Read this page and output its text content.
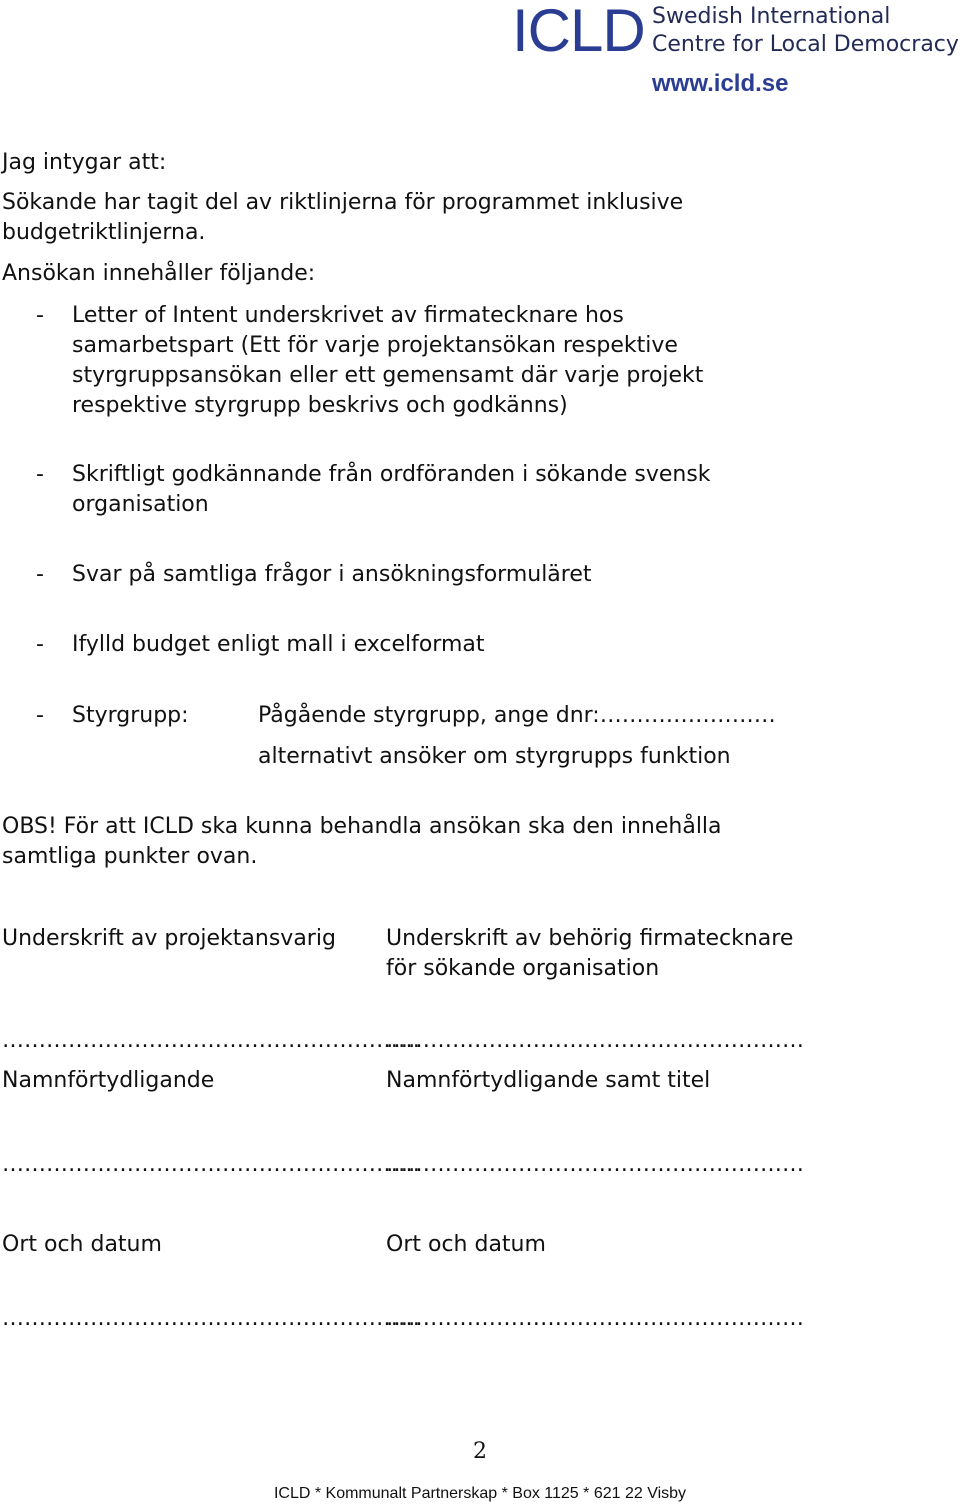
ICLD Swedish International
Centre for Local Democracy
www.icld.se
Jag intygar att:
Sökande har tagit del av riktlinjerna för programmet inklusive
budgetriktlinjerna.
Ansökan innehåller följande:
- Letter of Intent underskrivet av firmatecknare hos
samarbetspart (Ett för varje projektansökan respektive
styrgruppsansökan eller ett gemensamt där varje projekt
respektive styrgrupp beskrivs och godkänns)
- Skriftligt godkännande från ordföranden i sökande svensk
organisation
- Svar på samtliga frågor i ansökningsformuläret
- Ifylld budget enligt mall i excelformat
- Styrgrupp:	Pågående styrgrupp, ange dnr:……………………
alternativt ansöker om styrgrupps funktion
OBS! För att ICLD ska kunna behandla ansökan ska den innehålla
samtliga punkter ovan.
Underskrift av projektansvarig
…………………………………………………
Namnförtydligande
…………………………………………………
Ort och datum
…………………………………………………
Underskrift av behörig firmatecknare
för sökande organisation
…………………………………………………
Namnförtydligande samt titel
…………………………………………………
Ort och datum
…………………………………………………
2
ICLD * Kommunalt Partnerskap * Box 1125 * 621 22 Visby
